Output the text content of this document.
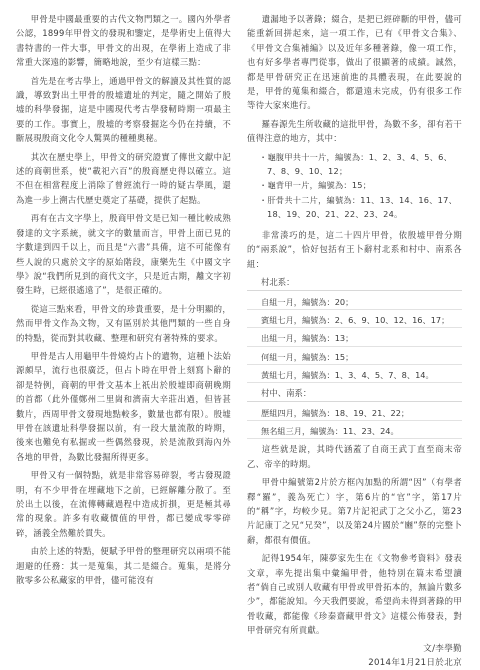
甲骨是中國最重要的古代文物門類之一。國內外學者公認，1899年甲骨文的發現和鑒定，是學術史上值得大書特書的一件大事，甲骨文的出現，在學術上造成了非常重大深遠的影響，簡略地說，至少有這樣三點：

首先是在考古學上，通過甲骨文的解讀及其性質的認識，導致對出土甲骨的殷墟遺址的判定，隨之開始了殷墟的科學發掘，這是中國現代考古學發軔時期一項最主要的工作。事實上，殷墟的考察發掘迄今仍在持續，不斷展現殷商文化令人驚異的種種奧秘。

其次在歷史學上，甲骨文的研究證實了傳世文獻中記述的商朝世系，使“載祀六百”的殷商歷史得以確立。這不但在相當程度上消除了曾經流行一時的疑古學風，還為進一步上溯古代歷史奠定了基礎，提供了起點。

再有在古文字學上，殷商甲骨文是已知一種比較成熟發達的文字系統，就文字的數量而言，甲骨上面已見的字數達到四千以上，而且是“六書”具備，這不可能像有些人說的只處於文字的原始階段，康樂先生《中國文字學》說“我們所見到的商代文字，只是近古期，離文字初發生時，已經很遙遠了”，是很正確的。

從這三點來看，甲骨文的珍貴重要，是十分明顯的，然而甲骨文作為文物，又有區別於其他門類的一些自身的特點，從而對其收藏、整理和研究有著特殊的要求。

甲骨是古人用龜甲牛骨燒灼占卜的遺物，這種卜法始源頗早，流行也很廣泛，但占卜時在甲骨上刻寫卜辭的卻是特例，商朝的甲骨文基本上祇出於殷墟即商朝晚期的首都（此外僅鄭州二里崗和濟南大辛莊出過，但皆甚數片，西周甲骨文發現地點較多，數量也都有限）。殷墟甲骨在該遺址科學發掘以前，有一段大量流散的時期，後來也難免有私掘或一些偶然發現，於是流散到海內外各地的甲骨，為數比發掘所得更多。

甲骨又有一個特點，就是非常容易碎裂，考古發現證明，有不少甲骨在埋藏地下之前，已經解離分散了。至於出土以後，在流傳轉藏過程中造成折損，更是極其尋常的現象。許多有收藏價值的甲骨，都已變成零零碎碎，涵義全然難於貫失。

由於上述的特點，便賦予甲骨的整理研究以兩項不能迴避的任務：其一是蒐集，其二是綴合。蒐集，是將分散零多公私藏家的甲骨，儘可能沒有

遺漏地予以著錄；綴合，是把已經碎斷的甲骨，儘可能重新回拼起來，這一項工作，已有《甲骨文合集》、《甲骨文合集補編》以及近年多種著錄，像一項工作，也有好多學者專門從事，做出了很顯著的成績。誠然，都是甲骨研究正在迅速前進的具體表現，在此要說的是，甲骨的蒐集和綴合，都還遠未完成，仍有很多工作等待大家來進行。

羅春源先生所收藏的這批甲骨，為數不多，卻有若干值得注意的地方，其中：

・龜腹甲共十一片，編號為：1、2、3、4、5、6、7、8、9、10、12；
・龜背甲一片，編號為：15；
・肝骨共十二片，編號為：11、13、14、16、17、18、19、20、21、22、23、24。

非常湊巧的是，這二十四片甲骨，依殷墟甲骨分期的“兩系說”，恰好包括有王卜辭村北系和村中、南系各組：

村北系：
自組一月，編號為：20；
賓組七月，編號為：2、6、9、10、12、16、17；
出組一月，編號為：13；
何組一月，編號為：15；
黃組七月，編號為：1、3、4、5、7、8、14。
村中、南系：
歷組四月，編號為：18、19、21、22；
無名組三月，編號為：11、23、24。

這些就是說，其時代涵蓋了自商王武丁直至商末帝乙、帝辛的時期。

甲骨中編號第2片於方框內加點的所謂“因”（有學者釋“羅”，義為死亡）字，第6片的“官”字，第17片的“稱”字，均較少見。第7片記祀武丁之父小乙，第23片記康丁之兄“兄癸”，以及第24片國於“豳”祭的完整卜辭，都很有價值。

記得1954年，陳夢家先生在《文物參考資料》發表文章，率先提出集中彙編甲骨，他特別在篇末希望讀者“倘自己或別人收藏有甲骨或甲骨拓本的，無論片數多少”，都能說知。今天我們要說，希望尚未得到著錄的甲骨收藏，都能像《珍秦齋藏甲骨文》這樣公佈發表，對甲骨研究有所貢獻。

文/李學勤
2014年1月21日於北京
